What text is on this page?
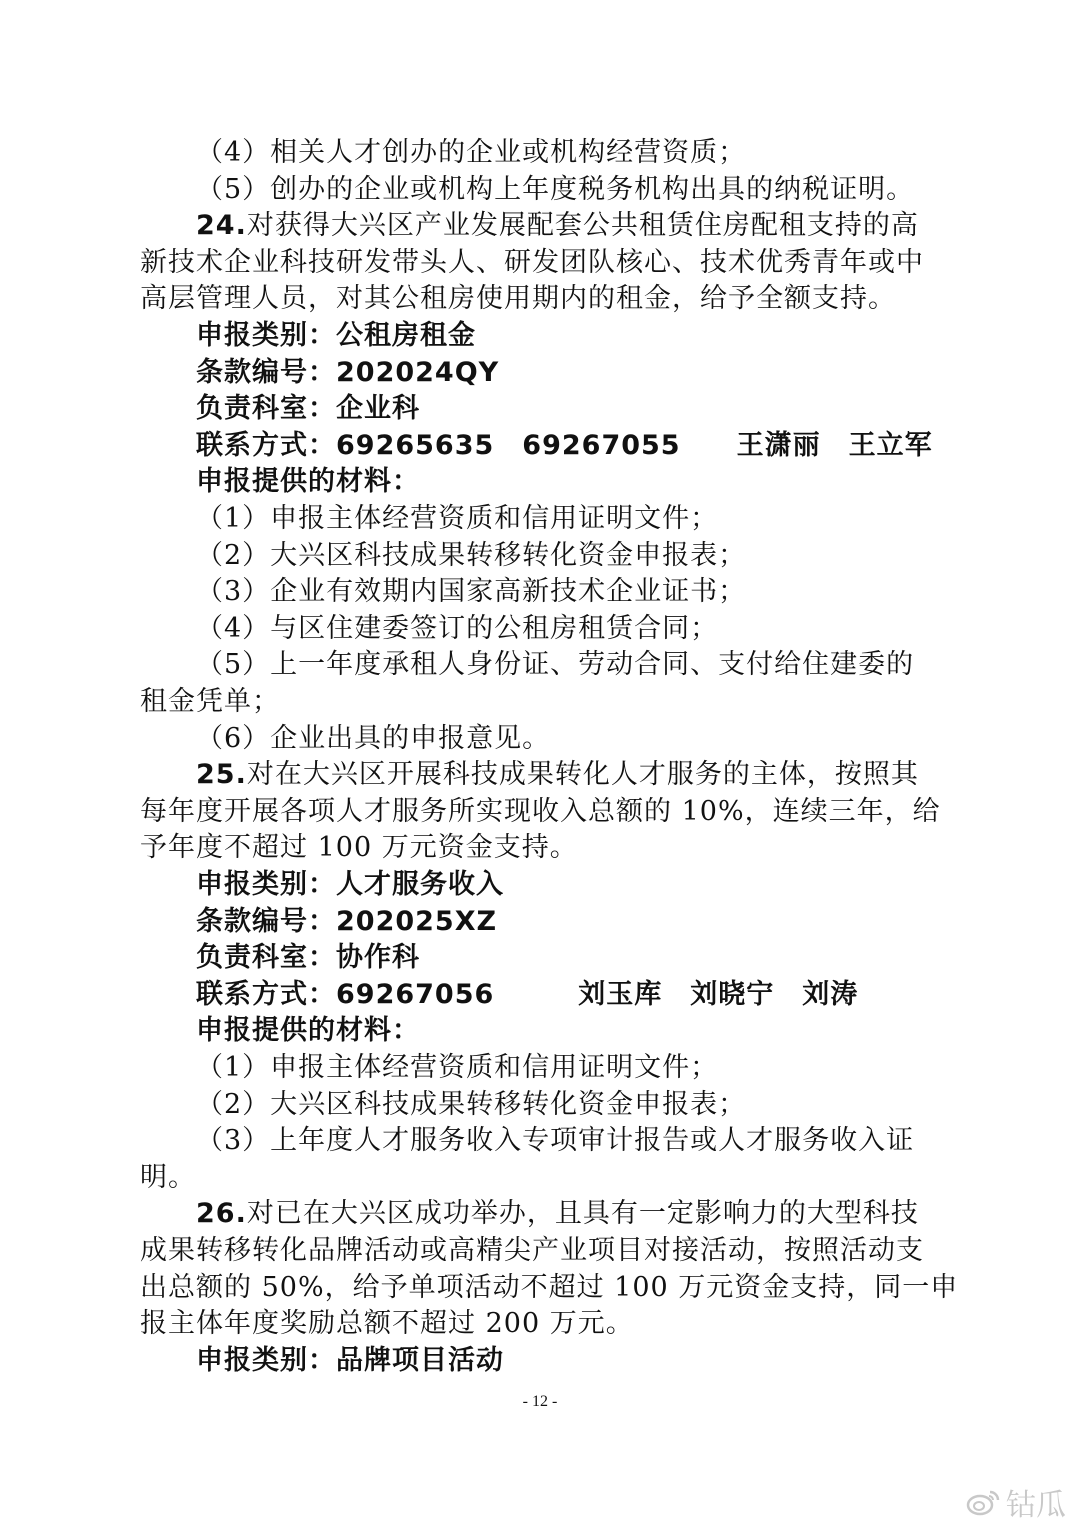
（4）相关人才创办的企业或机构经营资质；
（5）创办的企业或机构上年度税务机构出具的纳税证明。
24.对获得大兴区产业发展配套公共租赁住房配租支持的高
新技术企业科技研发带头人、研发团队核心、技术优秀青年或中
高层管理人员，对其公租房使用期内的租金，给予全额支持。
申报类别：公租房租金
条款编号：202024QY
负责科室：企业科
联系方式：69265635　69267055　　王潇丽　王立军
申报提供的材料：
（1）申报主体经营资质和信用证明文件；
（2）大兴区科技成果转移转化资金申报表；
（3）企业有效期内国家高新技术企业证书；
（4）与区住建委签订的公租房租赁合同；
（5）上一年度承租人身份证、劳动合同、支付给住建委的
租金凭单；
（6）企业出具的申报意见。
25.对在大兴区开展科技成果转化人才服务的主体，按照其
每年度开展各项人才服务所实现收入总额的 10%，连续三年，给
予年度不超过 100 万元资金支持。
申报类别：人才服务收入
条款编号：202025XZ
负责科室：协作科
联系方式：69267056　　　刘玉库　刘晓宁　刘涛
申报提供的材料：
（1）申报主体经营资质和信用证明文件；
（2）大兴区科技成果转移转化资金申报表；
（3）上年度人才服务收入专项审计报告或人才服务收入证
明。
26.对已在大兴区成功举办，且具有一定影响力的大型科技
成果转移转化品牌活动或高精尖产业项目对接活动，按照活动支
出总额的 50%，给予单项活动不超过 100 万元资金支持，同一申
报主体年度奖励总额不超过 200 万元。
申报类别：品牌项目活动
- 12 -
钴瓜
